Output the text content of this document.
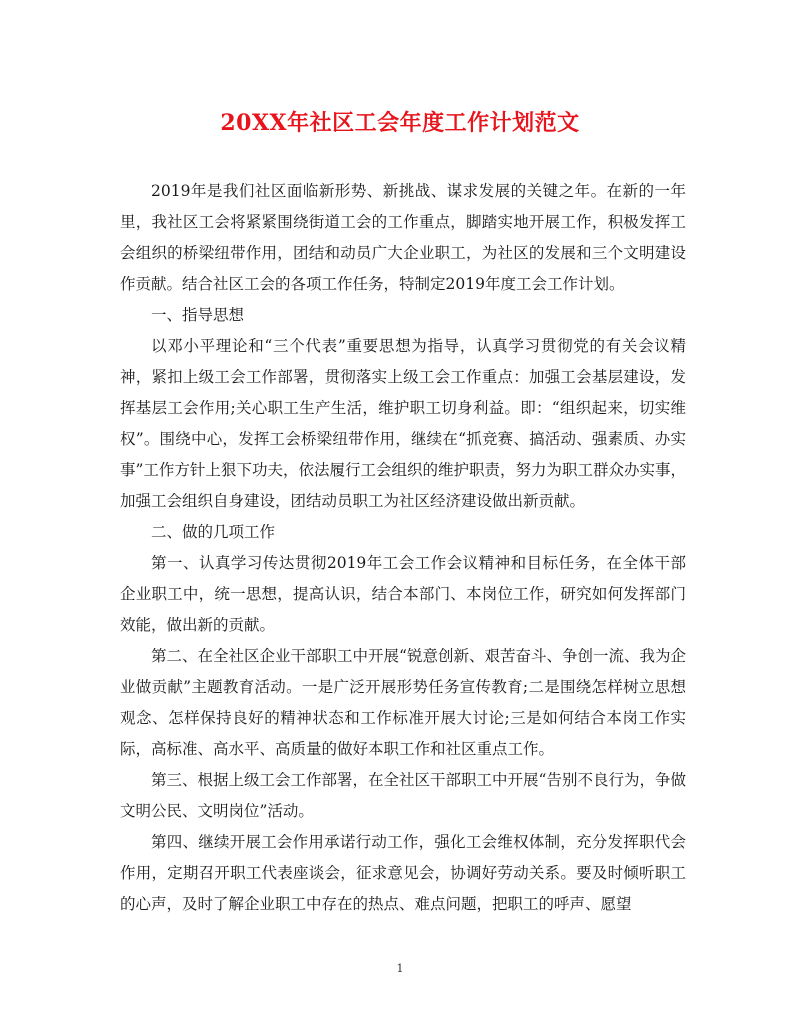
20XX年社区工会年度工作计划范文

2019年是我们社区面临新形势、新挑战、谋求发展的关键之年。在新的一年里，我社区工会将紧紧围绕街道工会的工作重点，脚踏实地开展工作，积极发挥工会组织的桥梁纽带作用，团结和动员广大企业职工，为社区的发展和三个文明建设作贡献。结合社区工会的各项工作任务，特制定2019年度工会工作计划。

一、指导思想

以邓小平理论和“三个代表”重要思想为指导，认真学习贯彻党的有关会议精神，紧扣上级工会工作部署，贯彻落实上级工会工作重点：加强工会基层建设，发挥基层工会作用;关心职工生产生活，维护职工切身利益。即：“组织起来，切实维权”。围绕中心，发挥工会桥梁纽带作用，继续在“抓竞赛、搞活动、强素质、办实事”工作方针上狠下功夫，依法履行工会组织的维护职责，努力为职工群众办实事，加强工会组织自身建设，团结动员职工为社区经济建设做出新贡献。

二、做的几项工作

第一、认真学习传达贯彻2019年工会工作会议精神和目标任务，在全体干部企业职工中，统一思想，提高认识，结合本部门、本岗位工作，研究如何发挥部门效能，做出新的贡献。

第二、在全社区企业干部职工中开展“锐意创新、艰苦奋斗、争创一流、我为企业做贡献”主题教育活动。一是广泛开展形势任务宣传教育;二是围绕怎样树立思想观念、怎样保持良好的精神状态和工作标准开展大讨论;三是如何结合本岗工作实际，高标准、高水平、高质量的做好本职工作和社区重点工作。

第三、根据上级工会工作部署，在全社区干部职工中开展“告别不良行为，争做文明公民、文明岗位”活动。

第四、继续开展工会作用承诺行动工作，强化工会维权体制，充分发挥职代会作用，定期召开职工代表座谈会，征求意见会，协调好劳动关系。要及时倾听职工的心声，及时了解企业职工中存在的热点、难点问题，把职工的呼声、愿望

1
